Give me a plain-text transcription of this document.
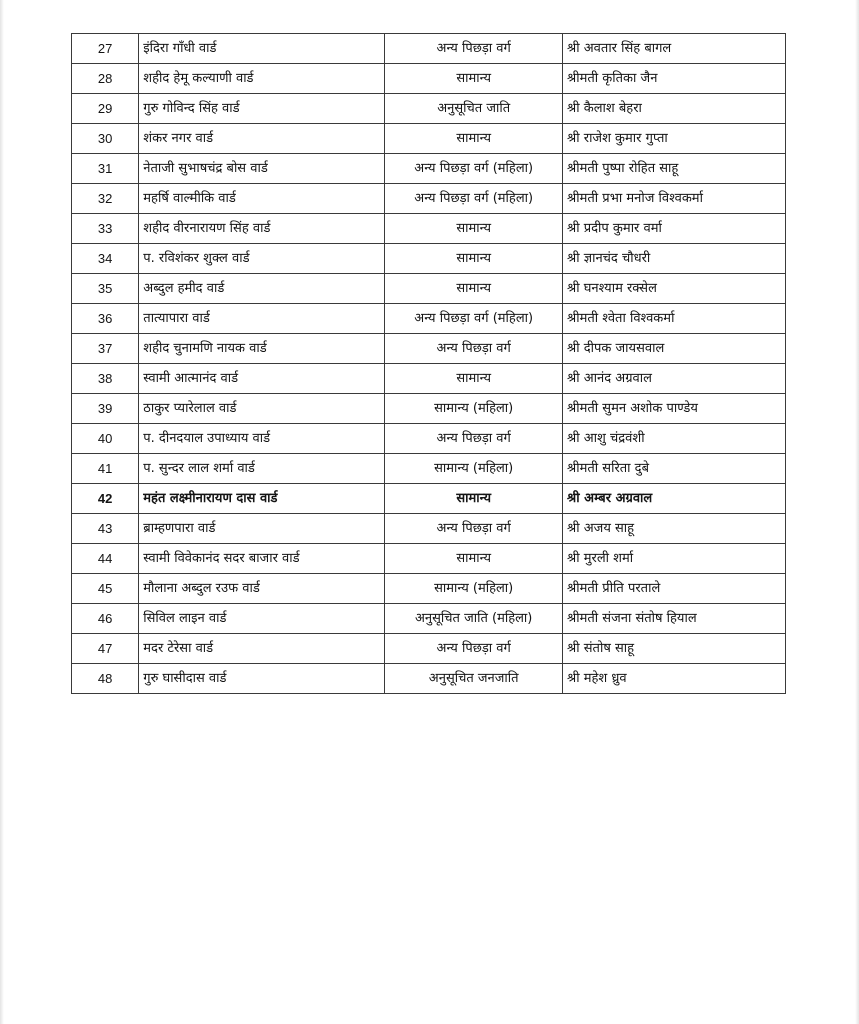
27	इंदिरा गाँधी वार्ड	अन्य पिछड़ा वर्ग	श्री अवतार सिंह बागल
28	शहीद हेमू कल्याणी वार्ड	सामान्य	श्रीमती कृतिका जैन
29	गुरु गोविन्द सिंह वार्ड	अनुसूचित जाति	श्री कैलाश बेहरा
30	शंकर नगर वार्ड	सामान्य	श्री राजेश कुमार गुप्ता
31	नेताजी सुभाषचंद्र बोस वार्ड	अन्य पिछड़ा वर्ग (महिला)	श्रीमती पुष्पा रोहित साहू
32	महर्षि वाल्मीकि वार्ड	अन्य पिछड़ा वर्ग (महिला)	श्रीमती प्रभा मनोज विश्वकर्मा
33	शहीद वीरनारायण सिंह वार्ड	सामान्य	श्री प्रदीप कुमार वर्मा
34	प. रविशंकर शुक्ल वार्ड	सामान्य	श्री ज्ञानचंद चौधरी
35	अब्दुल हमीद वार्ड	सामान्य	श्री घनश्याम रक्सेल
36	तात्यापारा वार्ड	अन्य पिछड़ा वर्ग (महिला)	श्रीमती श्वेता विश्वकर्मा
37	शहीद चुनामणि नायक वार्ड	अन्य पिछड़ा वर्ग	श्री दीपक जायसवाल
38	स्वामी आत्मानंद वार्ड	सामान्य	श्री आनंद अग्रवाल
39	ठाकुर प्यारेलाल वार्ड	सामान्य (महिला)	श्रीमती सुमन अशोक पाण्डेय
40	प. दीनदयाल उपाध्याय वार्ड	अन्य पिछड़ा वर्ग	श्री आशु चंद्रवंशी
41	प. सुन्दर लाल शर्मा वार्ड	सामान्य (महिला)	श्रीमती सरिता दुबे
42	महंत लक्ष्मीनारायण दास वार्ड	सामान्य	श्री अम्बर अग्रवाल
43	ब्राम्हणपारा वार्ड	अन्य पिछड़ा वर्ग	श्री अजय साहू
44	स्वामी विवेकानंद सदर बाजार वार्ड	सामान्य	श्री मुरली शर्मा
45	मौलाना अब्दुल रउफ वार्ड	सामान्य (महिला)	श्रीमती प्रीति परताले
46	सिविल लाइन वार्ड	अनुसूचित जाति (महिला)	श्रीमती संजना संतोष हियाल
47	मदर टेरेसा वार्ड	अन्य पिछड़ा वर्ग	श्री संतोष साहू
48	गुरु घासीदास वार्ड	अनुसूचित जनजाति	श्री महेश ध्रुव
